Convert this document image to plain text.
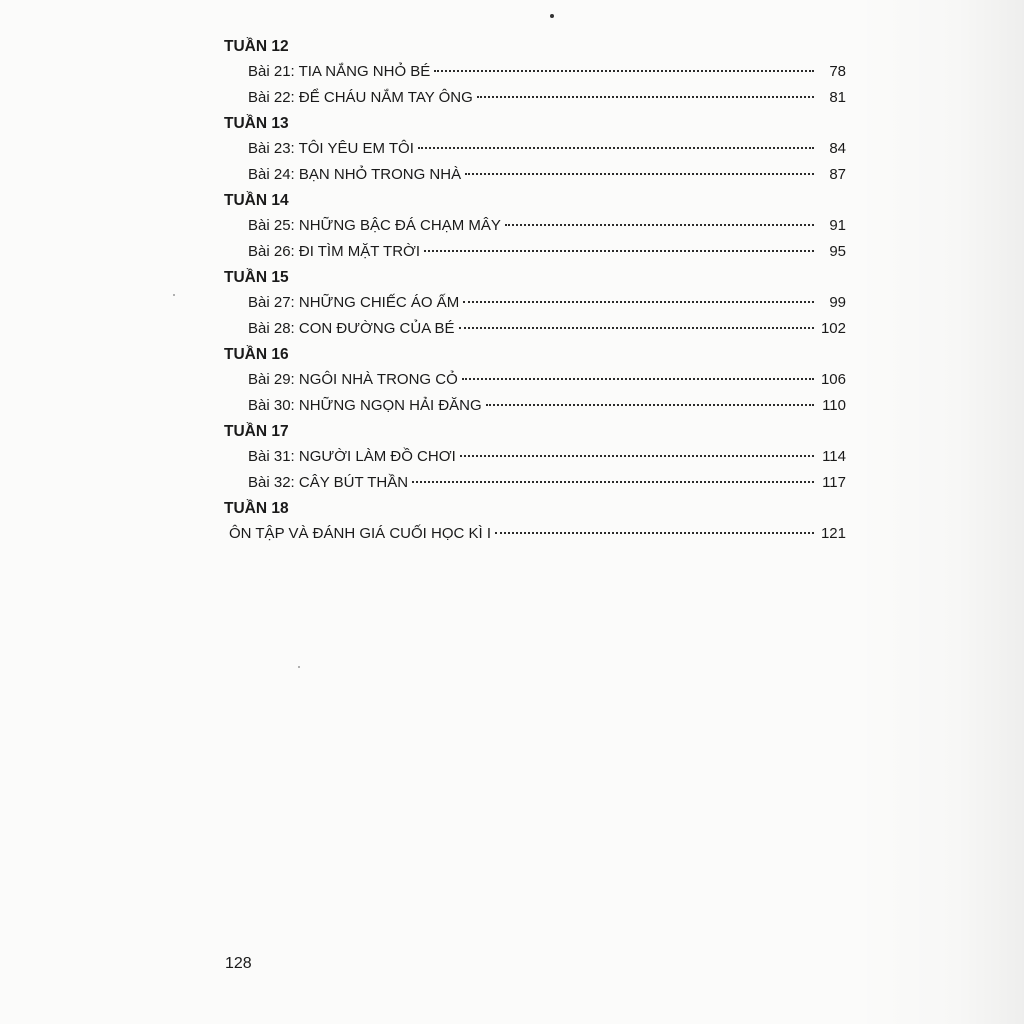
TUẦN 12
Bài 21: TIA NẮNG NHỎ BÉ	78
Bài 22: ĐỂ CHÁU NẮM TAY ÔNG	81
TUẦN 13
Bài 23: TÔI YÊU EM TÔI	84
Bài 24: BẠN NHỎ TRONG NHÀ	87
TUẦN 14
Bài 25: NHỮNG BẬC ĐÁ CHẠM MÂY	91
Bài 26: ĐI TÌM MẶT TRỜI	95
TUẦN 15
Bài 27: NHỮNG CHIẾC ÁO ẤM	99
Bài 28: CON ĐƯỜNG CỦA BÉ	102
TUẦN 16
Bài 29: NGÔI NHÀ TRONG CỎ	106
Bài 30: NHỮNG NGỌN HẢI ĐĂNG	110
TUẦN 17
Bài 31: NGƯỜI LÀM ĐỒ CHƠI	114
Bài 32: CÂY BÚT THẦN	117
TUẦN 18
ÔN TẬP VÀ ĐÁNH GIÁ CUỐI HỌC KÌ I	121
128
